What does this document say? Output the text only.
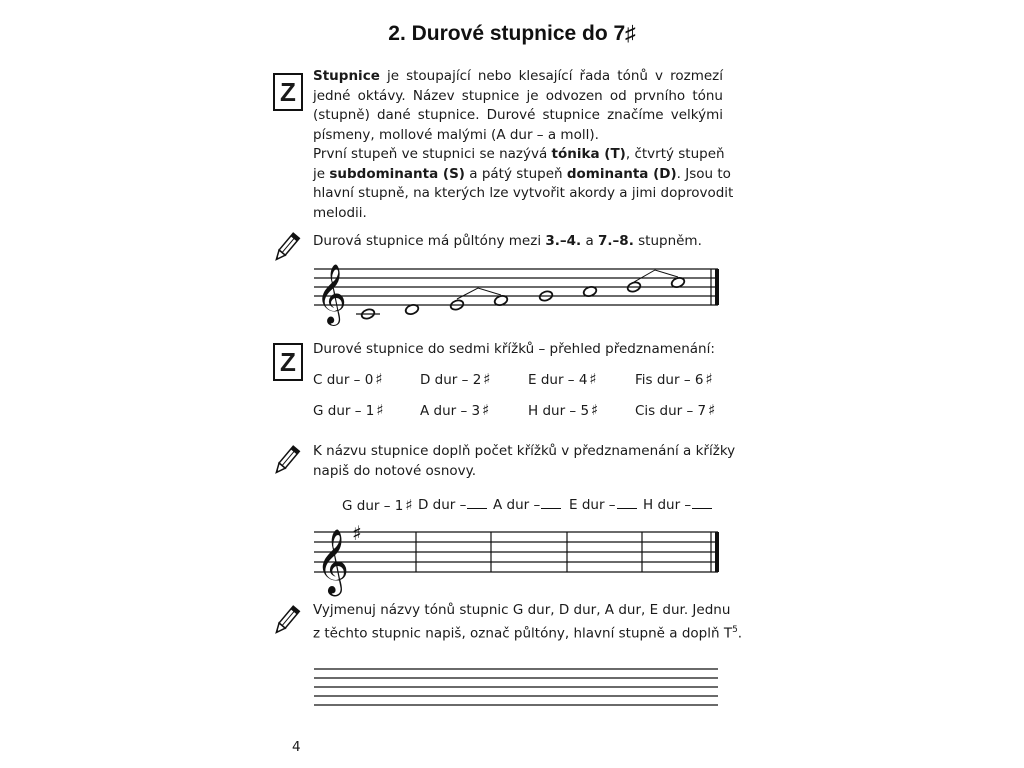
2. Durové stupnice do 7♯
Z
Stupnice je stoupající nebo klesající řada tónů v rozmezí
jedné oktávy. Název stupnice je odvozen od prvního tónu
(stupně) dané stupnice. Durové stupnice značíme velkými
písmeny, mollové malými (A dur – a moll).
První stupeň ve stupnici se nazývá tónika (T), čtvrtý stupeň
je subdominanta (S) a pátý stupeň dominanta (D). Jsou to
hlavní stupně, na kterých lze vytvořit akordy a jimi doprovodit
melodii.
Durová stupnice má půltóny mezi 3.–4. a 7.–8. stupněm.
𝄞
Z	Durové stupnice do sedmi křížků – přehled předznamenání:
C dur – 0 ♯	D dur – 2 ♯	E dur – 4 ♯	Fis dur – 6 ♯
G dur – 1 ♯	A dur – 3 ♯	H dur – 5 ♯	Cis dur – 7 ♯
K názvu stupnice doplň počet křížků v předznamenání a křížky
napiš do notové osnovy.
G dur – 1 ♯ D dur –	A dur –	E dur –	H dur –
𝄞 ♯
Vyjmenuj názvy tónů stupnic G dur, D dur, A dur, E dur. Jednu
z těchto stupnic napiš, označ půltóny, hlavní stupně a doplň $T^5$.
4
